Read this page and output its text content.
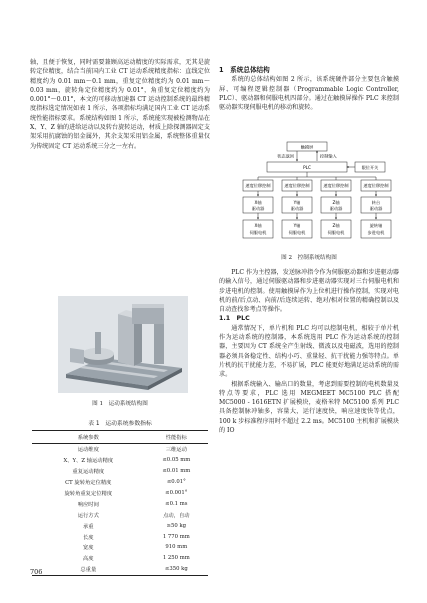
轴，且便于恢复，同时需要兼顾高运动精度的实际需求，无其是旋转定位精度，结合当前国内工业 CT 运动系统精度指标：直线定位精度约为 0.01 mm～0.1 mm，重复定位精度约为 0.01 mm～0.03 mm，旋转角定位精度约为 0.01°，角重复定位精度约为 0.001°～0.01°，本文的可移动加速器 CT 运动控制系统的最终精度指标选定情况如表 1 所示，各项指标均满足国内工业 CT 运动系统性能指标要求。系统结构如图 1 所示，系统能实现被检测物品在 X、Y、Z 轴的进给运动以及转台旋转运动，材质上除探测器固定支架采用抗腐蚀的铝金属外，其余支架采用铝金属，系统整体重量仅为传统固定 CT 运动系统三分之一左右。

图 1　运动系统结构图
表 1　运动系统参数指标
系统参数	性能指标
运动维度	三维运动
X、Y、Z 轴运动精度	≤0.05 mm
重复运动精度	≤0.01 mm
CT 旋转角定位精度	≤0.01°
旋转角重复定位精度	≤0.001°
响应时间	≤0.1 ms
运行方式	点动，自动
承重	≥50 kg
长度	1 770 mm
宽度	910 mm
高度	1 250 mm
总重量	≤350 kg

1　系统总体结构

系统的总体结构如图 2 所示，该系统硬件部分主要包含触摸屏、可编程逻辑控制器（Programmable Logic Controller, PLC）、驱动器和伺服电机四部分。通过在触摸屏操作 PLC 来控制驱动器实现伺服电机的移动和旋转。

触摸屏
状态返回	控制输入
PLC	限位开关
速度位移控制
X轴
驱动器
X轴
伺服电机
速度位移控制
Y轴
驱动器
Y轴
伺服电机
速度位移控制
Z轴
驱动器
Z轴
伺服电机
速度位移控制
转台
驱动器
旋转轴
步进电机
图 2　控制系统结构图

PLC 作为主控器，发送脉冲指令作为伺服驱动器和步进驱动器的输入信号，通过伺服驱动器和步进驱动器实现对三台伺服电机和步进电机的控制。使用触摸屏作为上位机进行操作控制，实现对电机的前/后点动、向前/后连续运转、绝对/相对位置的精确控制以及自动查找参考点等操作。

1.1　PLC

通常情况下，单片机和 PLC 均可以控制电机，相较于单片机作为运动系统的控制器，本系统选用 PLC 作为运动系统的控制器，主要因为 CT 系统全产生射线、微波以及电磁波，选用的控制器必须具备稳定性、结构小巧、重量轻、抗干扰能力强等特点。单片机的抗干扰能力差，不易扩展，PLC 能更好地满足运动系统的需求。

根据系统输入、输出口的数量，考虑到需要控制的电机数量及特点等要求，PLC 选用 MEGMEET MC5100 PLC 搭配 MC5000 - 1616ETN 扩展模块，麦格米特 MC5100 系列 PLC 具备控制脉冲轴多，容量大，运行速度快，响应速度快等优点，100 k 步标准程序用时不超过 2.2 ms。MC5100 主机和扩展模块的 IO

706
